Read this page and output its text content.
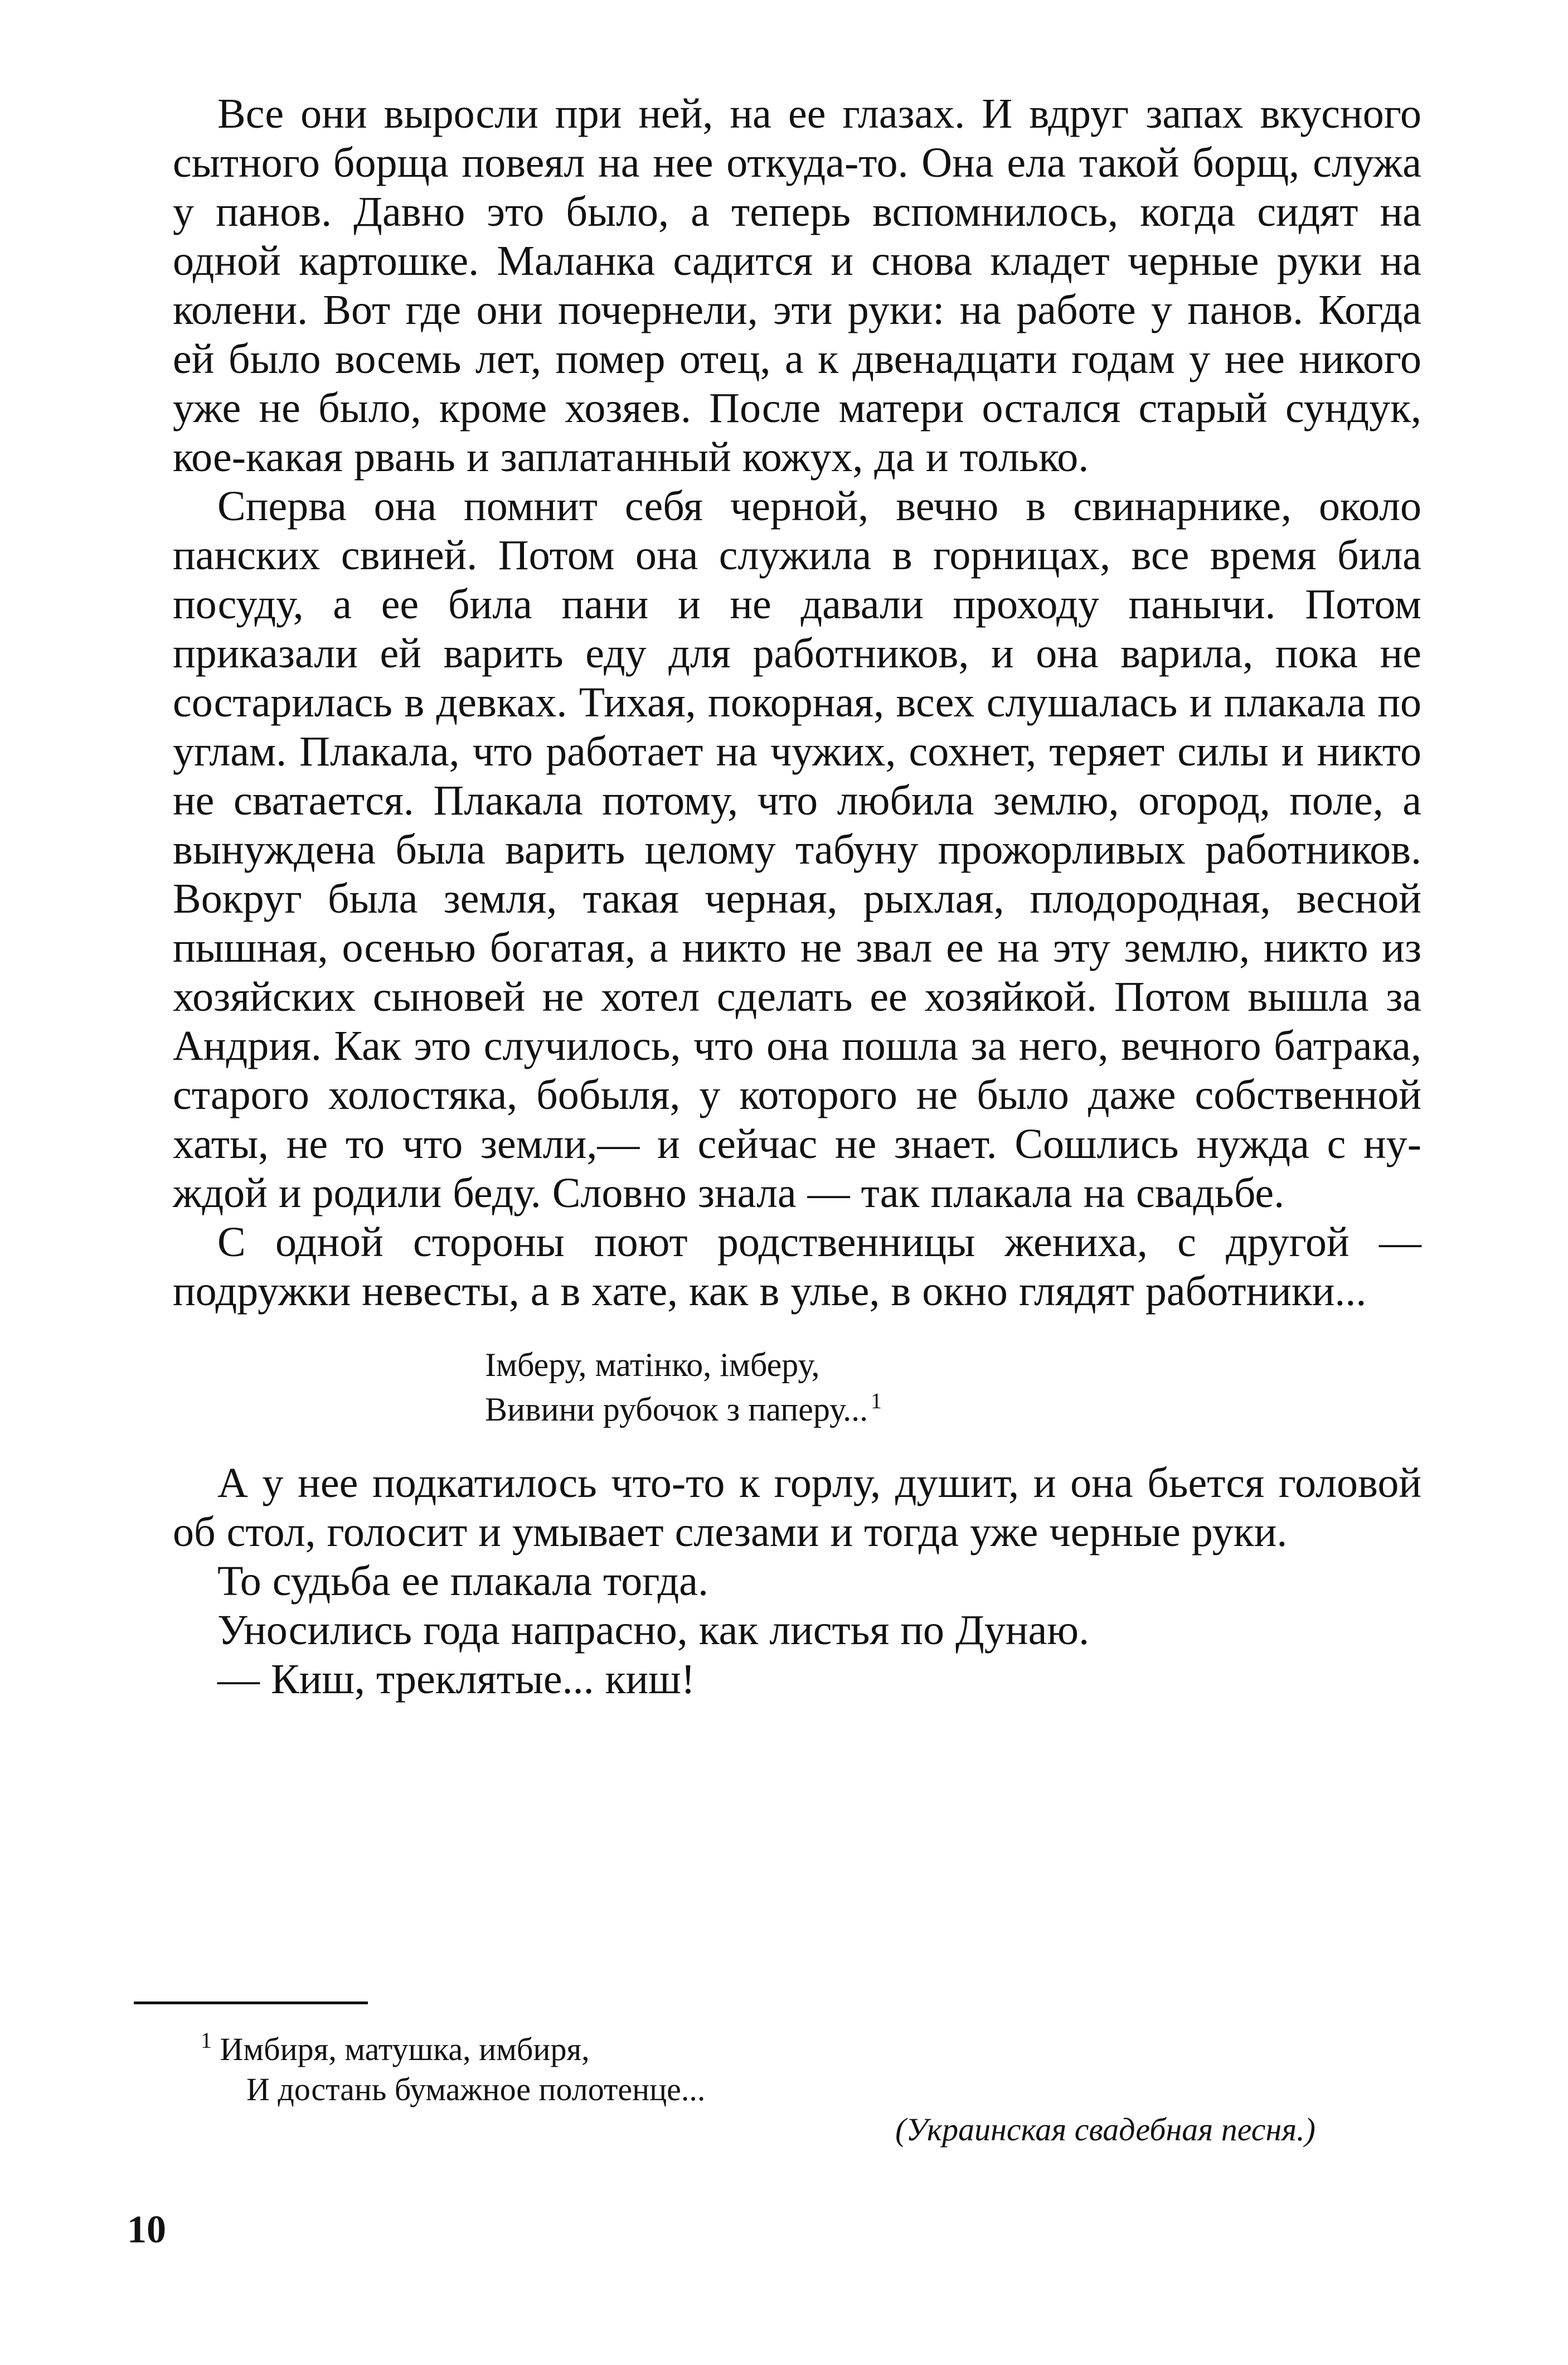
Все они выросли при ней, на ее глазах. И вдруг запах вкусного сытного борща повеял на нее откуда-то. Она ела такой борщ, служа у панов. Давно это было, а теперь вспомнилось, когда сидят на одной картошке. Маланка садится и снова кладет черные руки на колени. Вот где они почернели, эти руки: на работе у панов. Когда ей было восемь лет, помер отец, а к двенадцати годам у нее никого уже не было, кроме хозяев. После матери остался старый сундук, кое-какая рвань и заплатанный кожух, да и только.

Сперва она помнит себя черной, вечно в свинарнике, около панских свиней. Потом она служила в горницах, все время била посуду, а ее била пани и не давали проходу панычи. Потом приказали ей варить еду для работников, и она варила, пока не состарилась в девках. Тихая, покорная, всех слушалась и плакала по углам. Плакала, что работает на чужих, сохнет, теряет силы и никто не сватается. Плакала потому, что любила землю, огород, поле, а вынуждена была варить целому табуну прожорливых работников. Вокруг была земля, такая черная, рыхлая, плодородная, весной пышная, осенью богатая, а никто не звал ее на эту землю, никто из хозяйских сыновей не хотел сделать ее хозяйкой. Потом вышла за Андрия. Как это случилось, что она пошла за него, вечного батрака, старого холостяка, бобыля, у которого не было даже собственной хаты, не то что земли,— и сейчас не знает. Сошлись нужда с нуждой и родили беду. Словно знала — так плакала на свадьбе.

С одной стороны поют родственницы жениха, с другой — подружки невесты, а в хате, как в улье, в окно глядят работники...

Імберу, матінко, імберу,
Вивини рубочок з паперу...  $^1$

А у нее подкатилось что-то к горлу, душит, и она бьется головой об стол, голосит и умывает слезами и тогда уже черные руки.

То судьба ее плакала тогда.

Уносились года напрасно, как листья по Дунаю.

— Киш, треклятые... киш!

$^1$ Имбиря, матушка, имбиря,
И достань бумажное полотенце...
(Украинская свадебная песня.)
10
